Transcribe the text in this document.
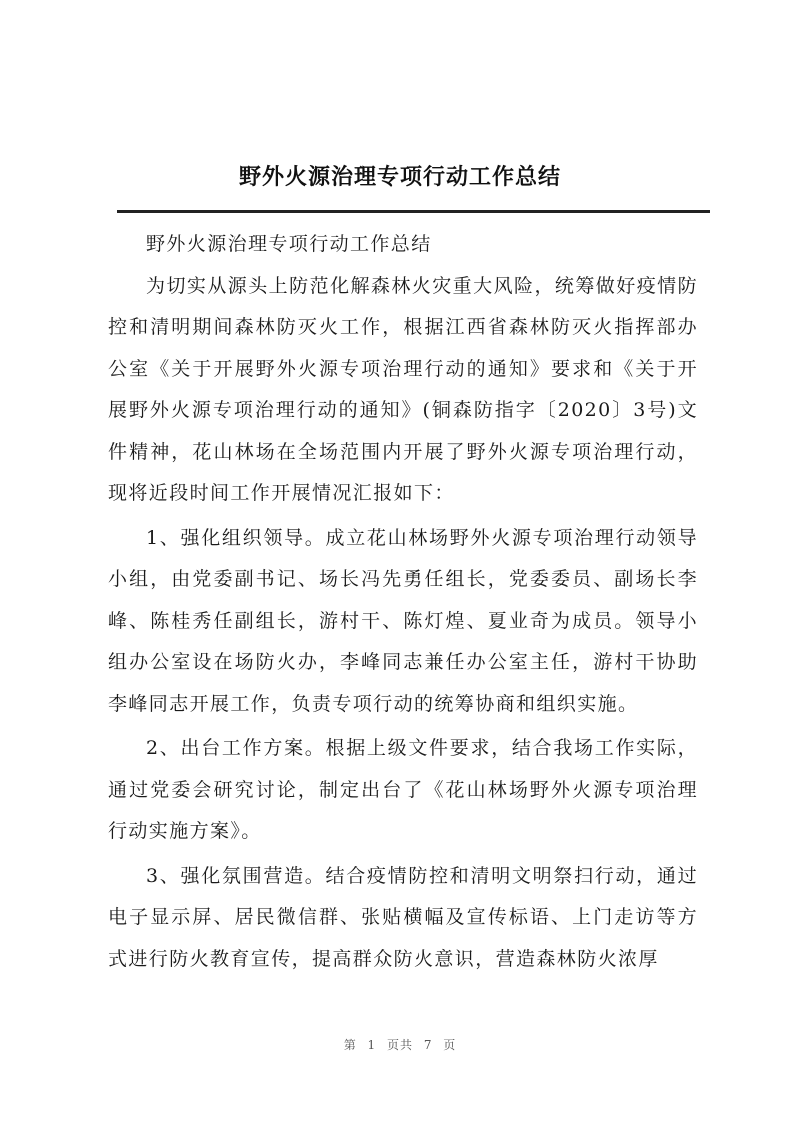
野外火源治理专项行动工作总结

野外火源治理专项行动工作总结

为切实从源头上防范化解森林火灾重大风险，统筹做好疫情防控和清明期间森林防灭火工作，根据江西省森林防灭火指挥部办公室《关于开展野外火源专项治理行动的通知》要求和《关于开展野外火源专项治理行动的通知》(铜森防指字〔2020〕3号)文件精神，花山林场在全场范围内开展了野外火源专项治理行动，现将近段时间工作开展情况汇报如下：

1、强化组织领导。成立花山林场野外火源专项治理行动领导小组，由党委副书记、场长冯先勇任组长，党委委员、副场长李峰、陈桂秀任副组长，游村干、陈灯煌、夏业奇为成员。领导小组办公室设在场防火办，李峰同志兼任办公室主任，游村干协助李峰同志开展工作，负责专项行动的统筹协商和组织实施。

2、出台工作方案。根据上级文件要求，结合我场工作实际，通过党委会研究讨论，制定出台了《花山林场野外火源专项治理行动实施方案》。

3、强化氛围营造。结合疫情防控和清明文明祭扫行动，通过电子显示屏、居民微信群、张贴横幅及宣传标语、上门走访等方式进行防火教育宣传，提高群众防火意识，营造森林防火浓厚

第 1 页共 7 页
